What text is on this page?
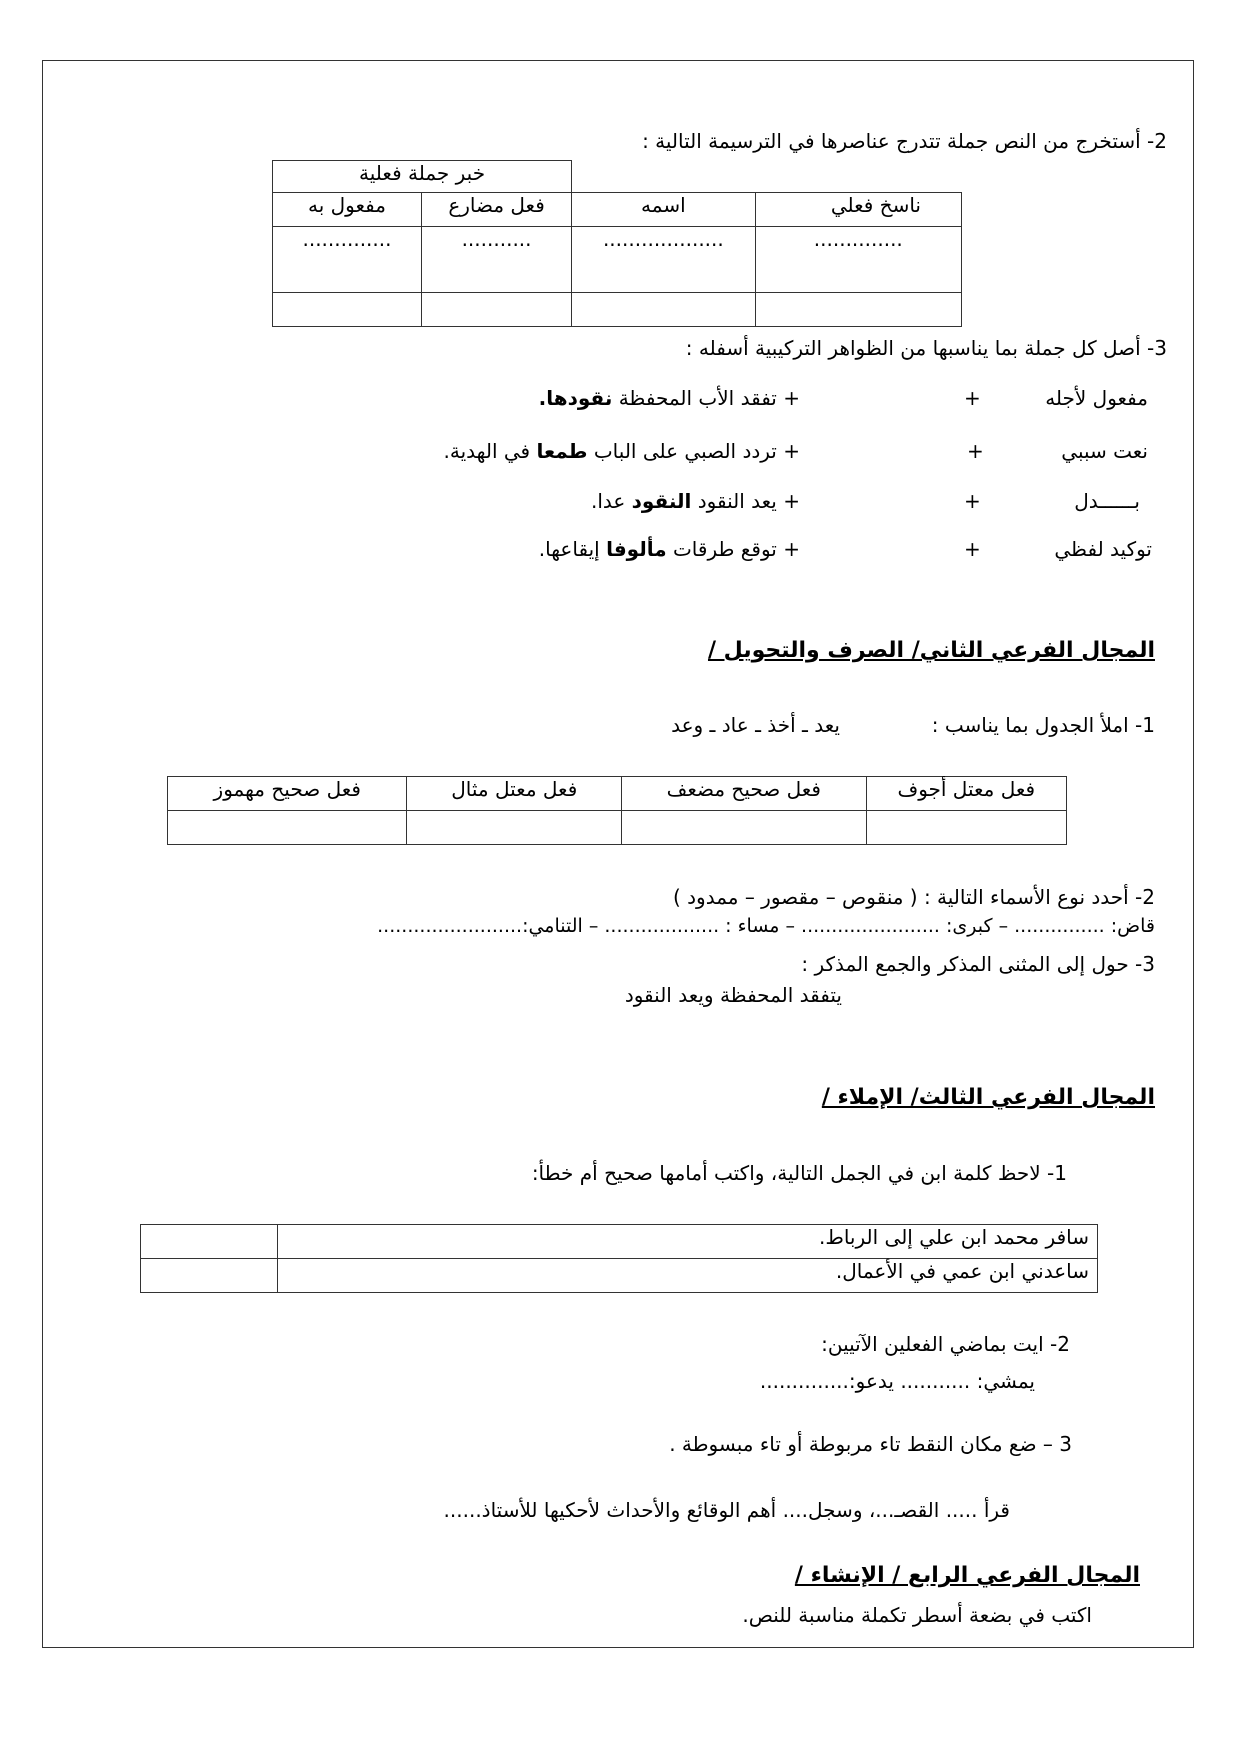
2- أستخرج من النص جملة تتدرج عناصرها في الترسيمة التالية :
		خبر جملة فعلية	
ناسخ فعلي	اسمه	فعل مضارع	مفعول به
..............	...................	...........	..............

3- أصل كل جملة بما يناسبها من الظواهر التركيبية أسفله :
مفعول لأجله
+
+ تفقد الأب المحفظة نقودها.
نعت سببي
+
+ تردد الصبي على الباب طمعا في الهدية.
بــــــدل
+
+ يعد النقود النقود عدا.
توكيد لفظي
+
+ توقع طرقات مألوفا إيقاعها.
المجال الفرعي الثاني/ الصرف والتحويل /
1- املأ الجدول بما يناسب :
يعد ـ أخذ ـ عاد ـ وعد
فعل معتل أجوف	فعل صحيح مضعف	فعل معتل مثال	فعل صحيح مهموز

2- أحدد نوع الأسماء التالية : ( منقوص – مقصور – ممدود )
قاض: ............... – كبرى: ....................... – مساء : ................... – التنامي:........................
3- حول إلى المثنى المذكر والجمع المذكر :
يتفقد المحفظة ويعد النقود
المجال الفرعي الثالث/ الإملاء /
1- لاحظ كلمة ابن في الجمل التالية، واكتب أمامها صحيح أم خطأ:
سافر محمد ابن علي إلى الرباط.	
ساعدني ابن عمي في الأعمال.	
2- ايت بماضي الفعلين الآتيين:
يمشي: ........... يدعو:..............
3 – ضع مكان النقط تاء مربوطة أو تاء مبسوطة .
قرأ ..... القصـ...، وسجل.... أهم الوقائع والأحداث لأحكيها للأستاذ......
المجال الفرعي الرابع / الإنشاء /
اكتب في بضعة أسطر تكملة مناسبة للنص.
